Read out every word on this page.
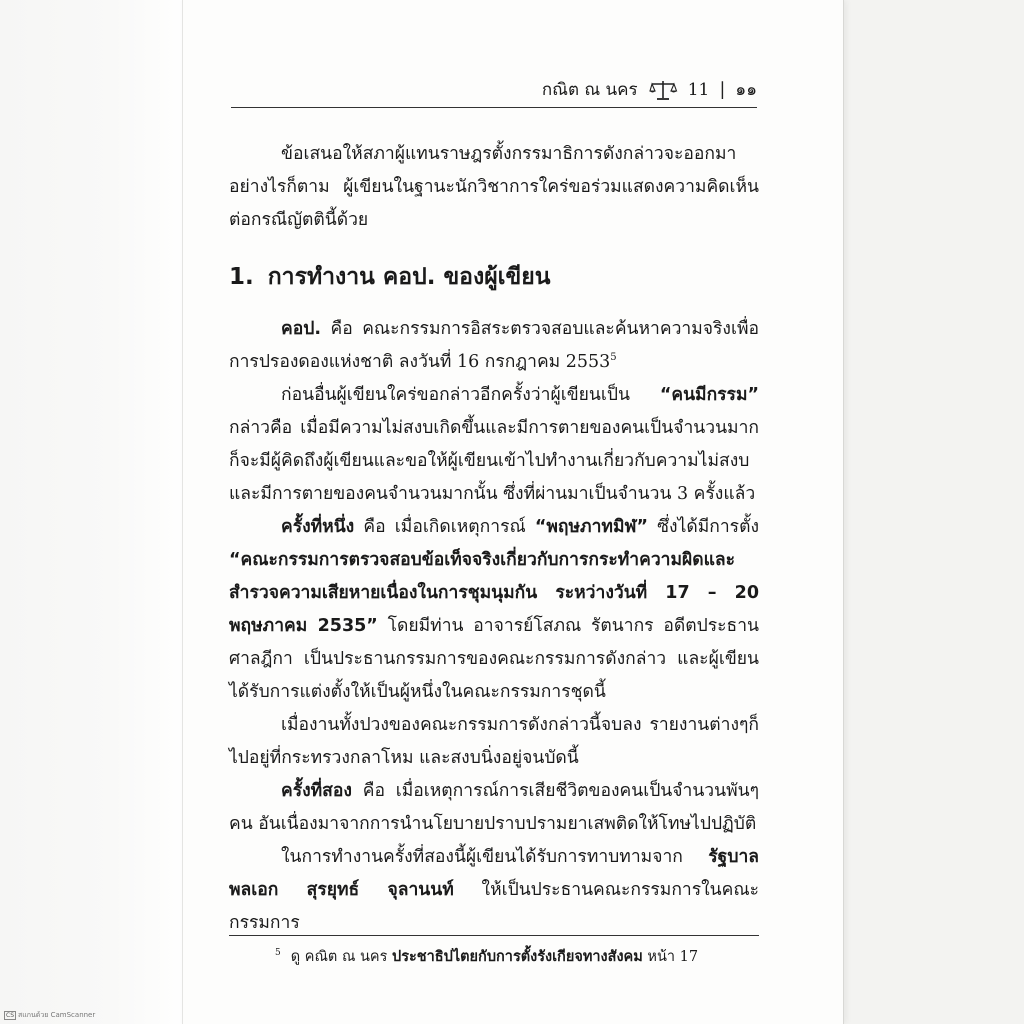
กณิต ณ นคร	11 | ๑๑

ข้อเสนอให้สภาผู้แทนราษฎรตั้งกรรมาธิการดังกล่าวจะออกมาอย่างไรก็ตาม ผู้เขียนในฐานะนักวิชาการใคร่ขอร่วมแสดงความคิดเห็นต่อกรณีญัตตินี้ด้วย

1. การทำงาน คอป. ของผู้เขียน

คอป. คือ คณะกรรมการอิสระตรวจสอบและค้นหาความจริงเพื่อการปรองดองแห่งชาติ ลงวันที่ 16 กรกฎาคม 2553$^5$

ก่อนอื่นผู้เขียนใคร่ขอกล่าวอีกครั้งว่าผู้เขียนเป็น “คนมีกรรม” กล่าวคือ เมื่อมีความไม่สงบเกิดขึ้นและมีการตายของคนเป็นจำนวนมากก็จะมีผู้คิดถึงผู้เขียนและขอให้ผู้เขียนเข้าไปทำงานเกี่ยวกับความไม่สงบและมีการตายของคนจำนวนมากนั้น ซึ่งที่ผ่านมาเป็นจำนวน 3 ครั้งแล้ว

ครั้งที่หนึ่ง คือ เมื่อเกิดเหตุการณ์ “พฤษภาทมิฬ” ซึ่งได้มีการตั้ง “คณะกรรมการตรวจสอบข้อเท็จจริงเกี่ยวกับการกระทำความผิดและสำรวจความเสียหายเนื่องในการชุมนุมกัน ระหว่างวันที่ 17 – 20 พฤษภาคม 2535” โดยมีท่าน อาจารย์โสภณ รัตนากร อดีตประธานศาลฎีกา เป็นประธานกรรมการของคณะกรรมการดังกล่าว และผู้เขียนได้รับการแต่งตั้งให้เป็นผู้หนึ่งในคณะกรรมการชุดนี้

เมื่องานทั้งปวงของคณะกรรมการดังกล่าวนี้จบลง รายงานต่างๆก็ไปอยู่ที่กระทรวงกลาโหม และสงบนิ่งอยู่จนบัดนี้

ครั้งที่สอง คือ เมื่อเหตุการณ์การเสียชีวิตของคนเป็นจำนวนพันๆคน อันเนื่องมาจากการนำนโยบายปราบปรามยาเสพติดให้โทษไปปฏิบัติ

ในการทำงานครั้งที่สองนี้ผู้เขียนได้รับการทาบทามจาก รัฐบาลพลเอก สุรยุทธ์ จุลานนท์ ให้เป็นประธานคณะกรรมการในคณะกรรมการ

$^5$ ดู คณิต ณ นคร ประชาธิปไตยกับการตั้งรังเกียจทางสังคม หน้า 17
CS สแกนด้วย CamScanner
